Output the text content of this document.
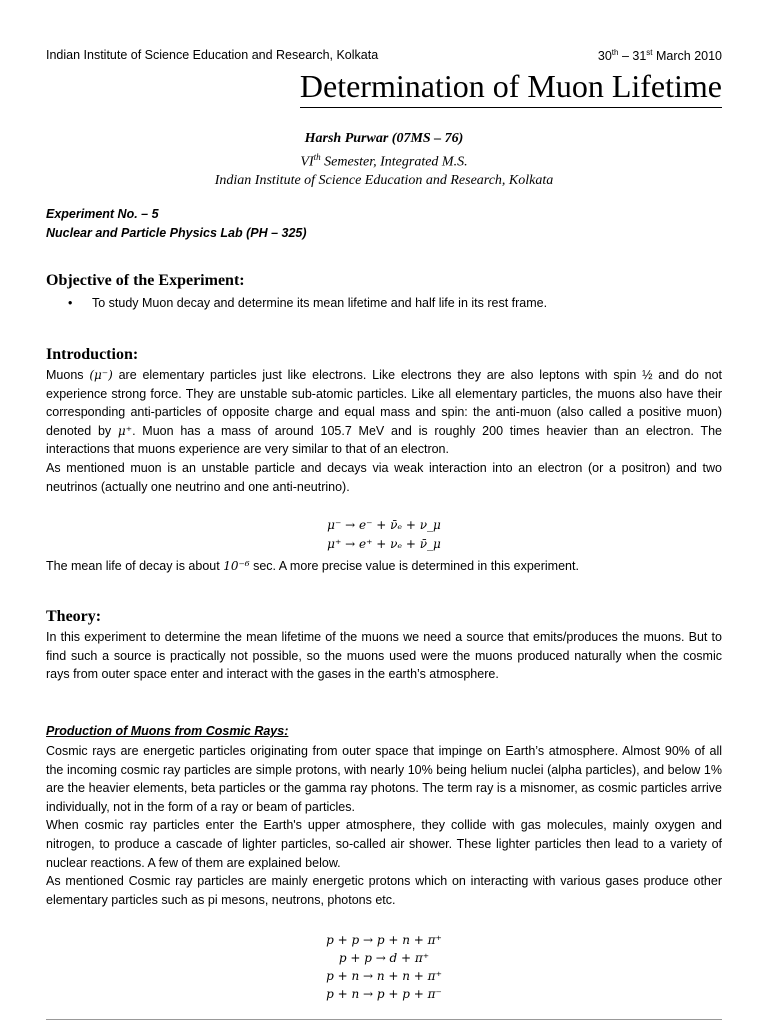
Indian Institute of Science Education and Research, Kolkata	30th – 31st March 2010
Determination of Muon Lifetime
Harsh Purwar (07MS – 76)
VIth Semester, Integrated M.S.
Indian Institute of Science Education and Research, Kolkata
Experiment No. – 5
Nuclear and Particle Physics Lab (PH – 325)
Objective of the Experiment:
• To study Muon decay and determine its mean lifetime and half life in its rest frame.
Introduction:

Muons (μ⁻) are elementary particles just like electrons. Like electrons they are also leptons with spin ½ and do not experience strong force. They are unstable sub-atomic particles. Like all elementary particles, the muons also have their corresponding anti-particles of opposite charge and equal mass and spin: the anti-muon (also called a positive muon) denoted by μ⁺. Muon has a mass of around 105.7 MeV and is roughly 200 times heavier than an electron. The interactions that muons experience are very similar to that of an electron.

As mentioned muon is an unstable particle and decays via weak interaction into an electron (or a positron) and two neutrinos (actually one neutrino and one anti-neutrino).

μ⁻ → e⁻ + ν̄ₑ + ν_μ
μ⁺ → e⁺ + νₑ + ν̄_μ

The mean life of decay is about 10⁻⁶ sec. A more precise value is determined in this experiment.

Theory:
In this experiment to determine the mean lifetime of the muons we need a source that emits/produces the muons. But to find such a source is practically not possible, so the muons used were the muons produced naturally when the cosmic rays from outer space enter and interact with the gases in the earth’s atmosphere.
Production of Muons from Cosmic Rays:

Cosmic rays are energetic particles originating from outer space that impinge on Earth’s atmosphere. Almost 90% of all the incoming cosmic ray particles are simple protons, with nearly 10% being helium nuclei (alpha particles), and below 1% are the heavier elements, beta particles or the gamma ray photons. The term ray is a misnomer, as cosmic particles arrive individually, not in the form of a ray or beam of particles.

When cosmic ray particles enter the Earth's upper atmosphere, they collide with gas molecules, mainly oxygen and nitrogen, to produce a cascade of lighter particles, so-called air shower. These lighter particles then lead to a variety of nuclear reactions. A few of them are explained below.

As mentioned Cosmic ray particles are mainly energetic protons which on interacting with various gases produce other elementary particles such as pi mesons, neutrons, photons etc.

p + p → p + n + π⁺
p + p → d + π⁺
p + n → n + n + π⁺
p + n → p + p + π⁻
